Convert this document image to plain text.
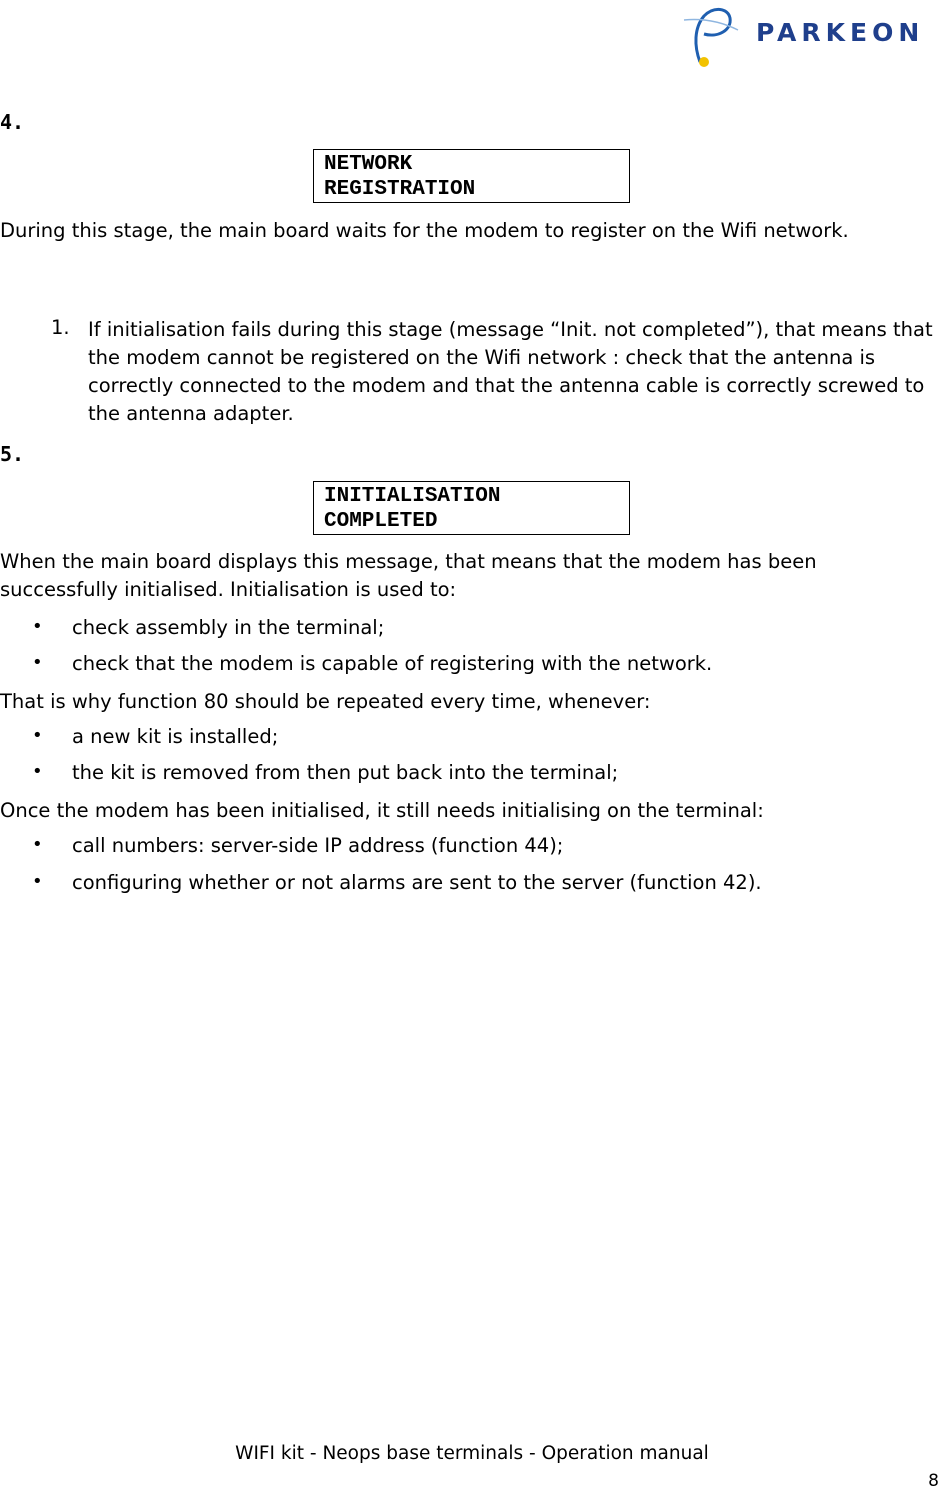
PARKEON
4.
NETWORK
REGISTRATION
During this stage, the main board waits for the modem to register on the Wifi network.
1. If initialisation fails during this stage (message “Init. not completed”), that means that the modem cannot be registered on the Wifi network : check that the antenna is correctly connected to the modem and that the antenna cable is correctly screwed to the antenna adapter.
5.
INITIALISATION
COMPLETED
When the main board displays this message, that means that the modem has been successfully initialised. Initialisation is used to:
• check assembly in the terminal;
• check that the modem is capable of registering with the network.
That is why function 80 should be repeated every time, whenever:
• a new kit is installed;
• the kit is removed from then put back into the terminal;
Once the modem has been initialised, it still needs initialising on the terminal:
• call numbers: server-side IP address (function 44);
• configuring whether or not alarms are sent to the server (function 42).
WIFI kit - Neops base terminals - Operation manual
8
